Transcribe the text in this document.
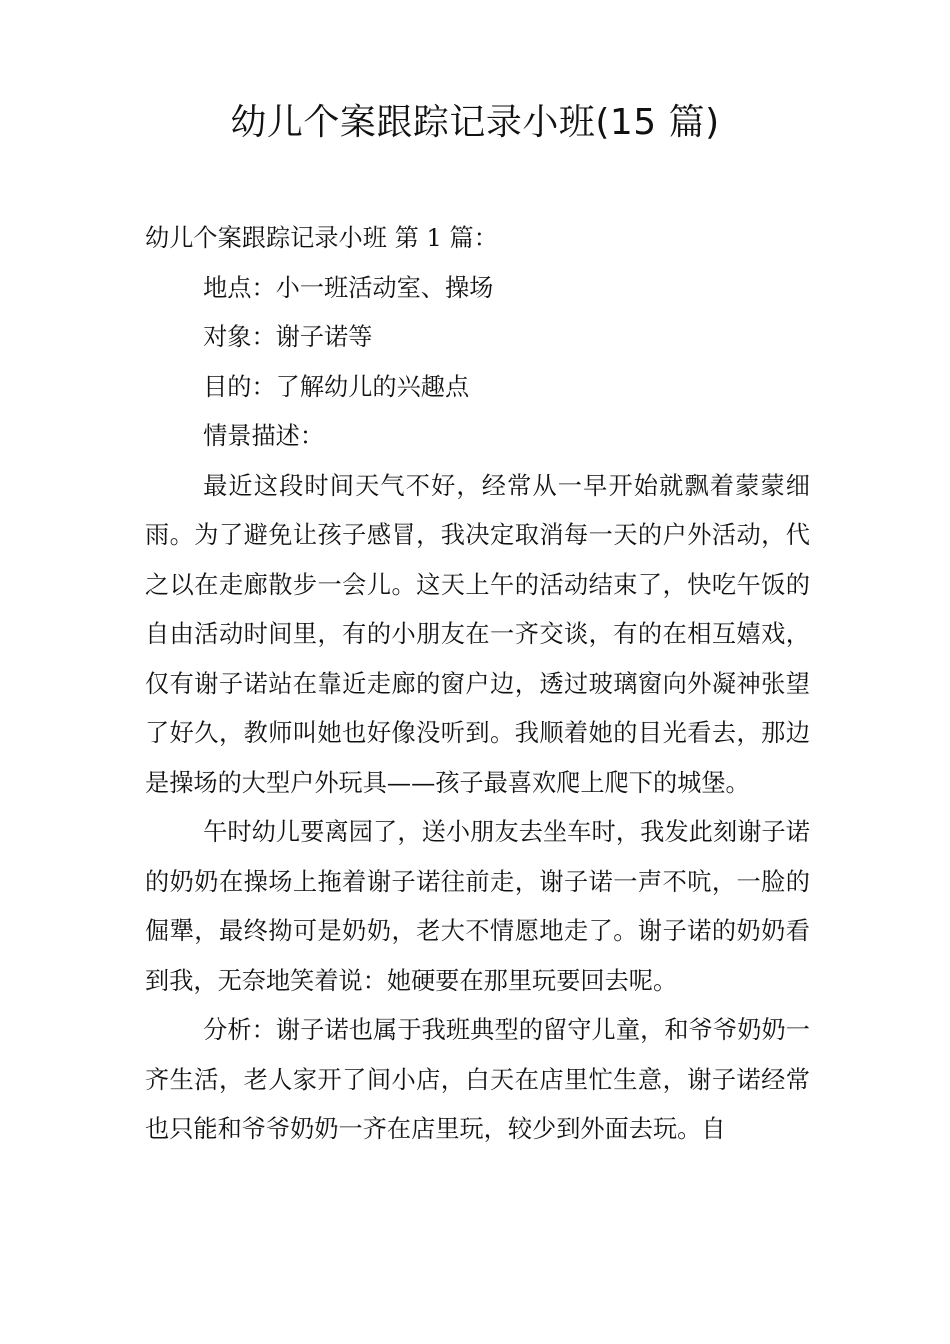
幼儿个案跟踪记录小班(15 篇)

幼儿个案跟踪记录小班 第 1 篇：

地点：小一班活动室、操场

对象：谢子诺等

目的：了解幼儿的兴趣点

情景描述：

最近这段时间天气不好，经常从一早开始就飘着蒙蒙细雨。为了避免让孩子感冒，我决定取消每一天的户外活动，代之以在走廊散步一会儿。这天上午的活动结束了，快吃午饭的自由活动时间里，有的小朋友在一齐交谈，有的在相互嬉戏，仅有谢子诺站在靠近走廊的窗户边，透过玻璃窗向外凝神张望了好久，教师叫她也好像没听到。我顺着她的目光看去，那边是操场的大型户外玩具——孩子最喜欢爬上爬下的城堡。

午时幼儿要离园了，送小朋友去坐车时，我发此刻谢子诺的奶奶在操场上拖着谢子诺往前走，谢子诺一声不吭，一脸的倔犟，最终拗可是奶奶，老大不情愿地走了。谢子诺的奶奶看到我，无奈地笑着说：她硬要在那里玩要回去呢。

分析：谢子诺也属于我班典型的留守儿童，和爷爷奶奶一齐生活，老人家开了间小店，白天在店里忙生意，谢子诺经常也只能和爷爷奶奶一齐在店里玩，较少到外面去玩。自
